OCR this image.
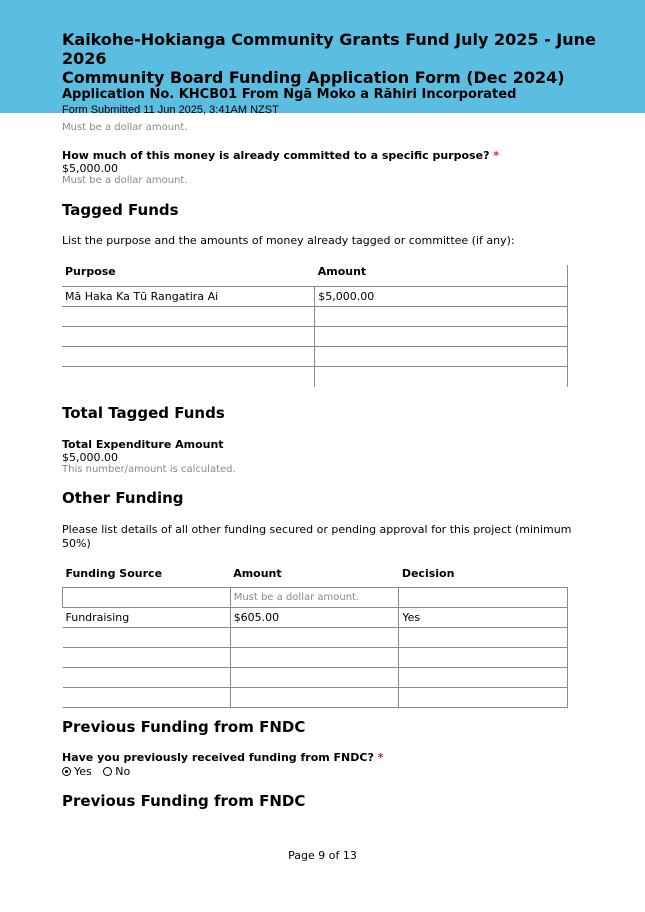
Kaikohe-Hokianga Community Grants Fund July 2025 - June 2026
Community Board Funding Application Form (Dec 2024)
Application No. KHCB01 From Ngā Moko a Rāhiri Incorporated
Form Submitted 11 Jun 2025, 3:41AM NZST
Must be a dollar amount.
How much of this money is already committed to a specific purpose? *
$5,000.00
Must be a dollar amount.
Tagged Funds
List the purpose and the amounts of money already tagged or committee (if any):
Purpose	Amount
Mā Haka Ka Tū Rangatira Ai	$5,000.00

Total Tagged Funds
Total Expenditure Amount
$5,000.00
This number/amount is calculated.
Other Funding
Please list details of all other funding secured or pending approval for this project (minimum 50%)
Funding Source	Amount	Decision
	Must be a dollar amount.	
Fundraising	$605.00	Yes

Previous Funding from FNDC
Have you previously received funding from FNDC? *
Yes No
Previous Funding from FNDC
Page 9 of 13
